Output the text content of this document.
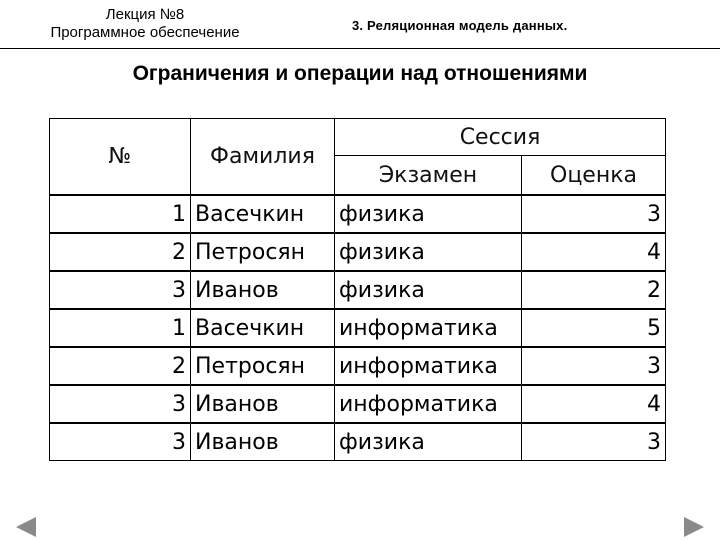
Лекция №8
Программное обеспечение	3. Реляционная модель данных.
Ограничения и операции над отношениями
№	Фамилия	Сессия	
		Экзамен	Оценка
1	Васечкин	физика	3
2	Петросян	физика	4
3	Иванов	физика	2
1	Васечкин	информатика	5
2	Петросян	информатика	3
3	Иванов	информатика	4
3	Иванов	физика	3
